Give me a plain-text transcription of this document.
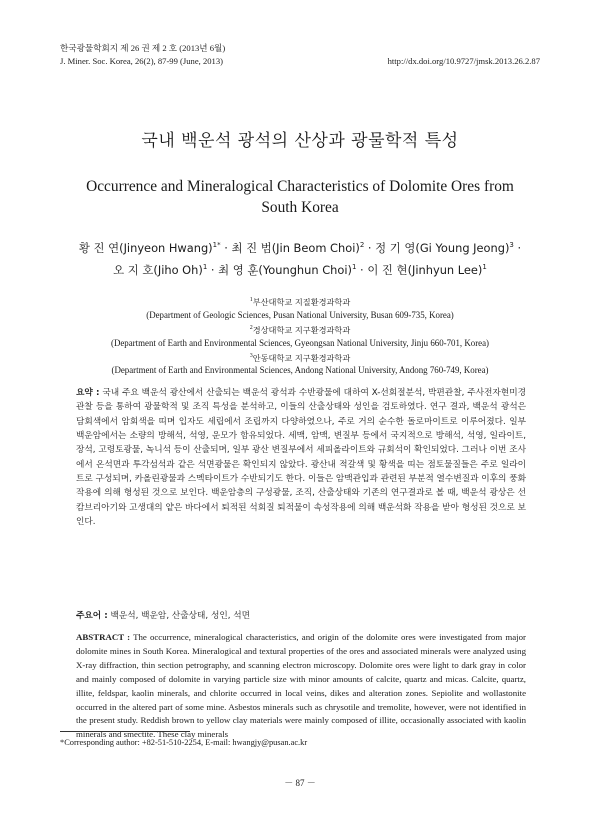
한국광물학회지 제 26 권 제 2 호 (2013년 6월)
J. Miner. Soc. Korea, 26(2), 87-99 (June, 2013)	http://dx.doi.org/10.9727/jmsk.2013.26.2.87
국내 백운석 광석의 산상과 광물학적 특성
Occurrence and Mineralogical Characteristics of Dolomite Ores from South Korea
황 진 연(Jinyeon Hwang)$^{1*}$ · 최 진 범(Jin Beom Choi)$^2$ · 정 기 영(Gi Young Jeong)$^3$ ·
오 지 호(Jiho Oh)$^1$ · 최 영 훈(Younghun Choi)$^1$ · 이 진 현(Jinhyun Lee)$^1$
$^1$부산대학교 지질환경과학과
(Department of Geologic Sciences, Pusan National University, Busan 609-735, Korea)
$^2$경상대학교 지구환경과학과
(Department of Earth and Environmental Sciences, Gyeongsan National University, Jinju 660-701, Korea)
$^3$안동대학교 지구환경과학과
(Department of Earth and Environmental Sciences, Andong National University, Andong 760-749, Korea)
요약 : 국내 주요 백운석 광산에서 산출되는 백운석 광석과 수반광물에 대하여 X-선회절분석, 박편관찰, 주사전자현미경 관찰 등을 통하여 광물학적 및 조직 특성을 분석하고, 이들의 산출상태와 성인을 검토하였다. 연구 결과, 백운석 광석은 담회색에서 암회색을 띠며 입자도 세립에서 조립까지 다양하였으나, 주로 거의 순수한 돌로마이트로 이루어졌다. 일부 백운암에서는 소량의 방해석, 석영, 운모가 함유되었다. 세맥, 암맥, 변질부 등에서 국지적으로 방해석, 석영, 일라이트, 장석, 고령토광물, 녹니석 등이 산출되며, 일부 광산 변질부에서 세피올라이트와 규회석이 확인되었다. 그러나 이번 조사에서 온석면과 투각섬석과 같은 석면광물은 확인되지 않았다. 광산내 적갈색 및 황색을 띠는 점토물질들은 주로 일라이트로 구성되며, 카올린광물과 스멕타이트가 수반되기도 한다. 이들은 암맥관입과 관련된 부분적 열수변질과 이후의 풍화작용에 의해 형성된 것으로 보인다. 백운암층의 구성광물, 조직, 산출상태와 기존의 연구결과로 볼 때, 백운석 광상은 선캄브리아기와 고생대의 얕은 바다에서 퇴적된 석회질 퇴적물이 속성작용에 의해 백운석화 작용을 받아 형성된 것으로 보인다.
주요어 : 백운석, 백운암, 산출상태, 성인, 석면
ABSTRACT : The occurrence, mineralogical characteristics, and origin of the dolomite ores were investigated from major dolomite mines in South Korea. Mineralogical and textural properties of the ores and associated minerals were analyzed using X-ray diffraction, thin section petrography, and scanning electron microscopy. Dolomite ores were light to dark gray in color and mainly composed of dolomite in varying particle size with minor amounts of calcite, quartz and micas. Calcite, quartz, illite, feldspar, kaolin minerals, and chlorite occurred in local veins, dikes and alteration zones. Sepiolite and wollastonite occurred in the altered part of some mine. Asbestos minerals such as chrysotile and tremolite, however, were not identified in the present study. Reddish brown to yellow clay materials were mainly composed of illite, occasionally associated with kaolin minerals and smectite. These clay minerals
*Corresponding author: +82-51-510-2254, E-mail: hwangjy@pusan.ac.kr
－ 87 －
